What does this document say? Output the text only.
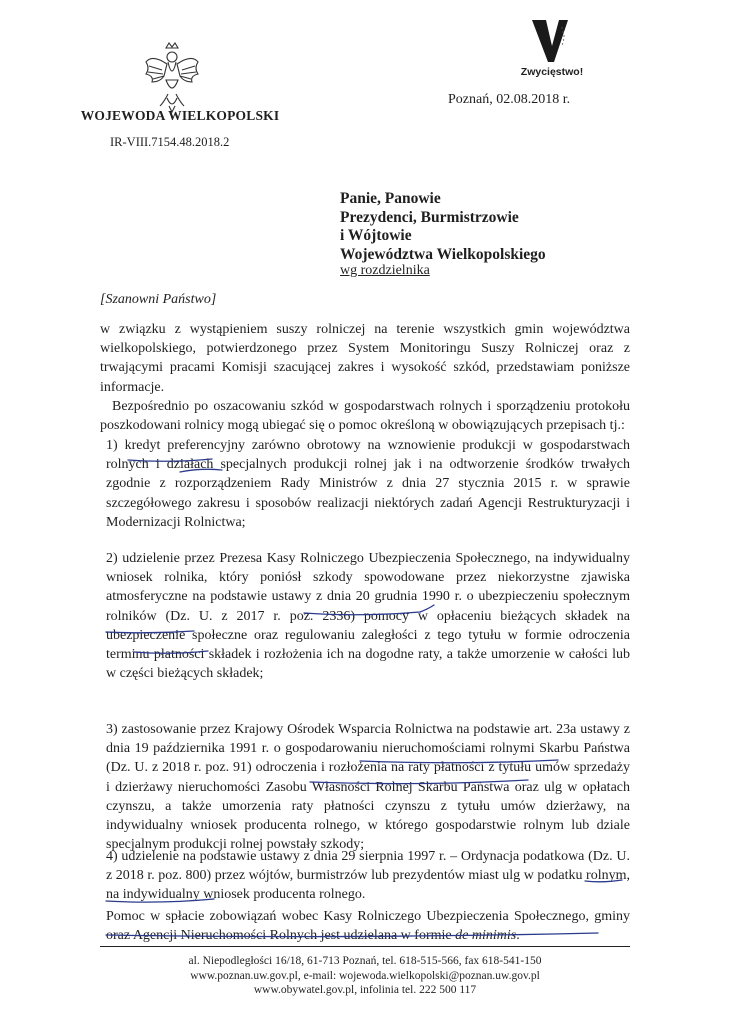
WOJEWODA WIELKOPOLSKI
IR-VIII.7154.48.2018.2
Zwycięstwo!
Poznań, 02.08.2018 r.
Panie, Panowie
Prezydenci, Burmistrzowie
i Wójtowie
Województwa Wielkopolskiego
wg rozdzielnika
[Szanowni Państwo]

w związku z wystąpieniem suszy rolniczej na terenie wszystkich gmin województwa wielkopolskiego, potwierdzonego przez System Monitoringu Suszy Rolniczej oraz z trwającymi pracami Komisji szacującej zakres i wysokość szkód, przedstawiam poniższe informacje.

Bezpośrednio po oszacowaniu szkód w gospodarstwach rolnych i sporządzeniu protokołu poszkodowani rolnicy mogą ubiegać się o pomoc określoną w obowiązujących przepisach tj.:

1) kredyt preferencyjny zarówno obrotowy na wznowienie produkcji w gospodarstwach rolnych i działach specjalnych produkcji rolnej jak i na odtworzenie środków trwałych zgodnie z rozporządzeniem Rady Ministrów z dnia 27 stycznia 2015 r. w sprawie szczegółowego zakresu i sposobów realizacji niektórych zadań Agencji Restrukturyzacji i Modernizacji Rolnictwa;

2) udzielenie przez Prezesa Kasy Rolniczego Ubezpieczenia Społecznego, na indywidualny wniosek rolnika, który poniósł szkody spowodowane przez niekorzystne zjawiska atmosferyczne na podstawie ustawy z dnia 20 grudnia 1990 r. o ubezpieczeniu społecznym rolników (Dz. U. z 2017 r. poz. 2336) pomocy w opłaceniu bieżących składek na ubezpieczenie społeczne oraz regulowaniu zaległości z tego tytułu w formie odroczenia terminu płatności składek i rozłożenia ich na dogodne raty, a także umorzenie w całości lub w części bieżących składek;

3) zastosowanie przez Krajowy Ośrodek Wsparcia Rolnictwa na podstawie art. 23a ustawy z dnia 19 października 1991 r. o gospodarowaniu nieruchomościami rolnymi Skarbu Państwa (Dz. U. z 2018 r. poz. 91) odroczenia i rozłożenia na raty płatności z tytułu umów sprzedaży i dzierżawy nieruchomości Zasobu Własności Rolnej Skarbu Państwa oraz ulg w opłatach czynszu, a także umorzenia raty płatności czynszu z tytułu umów dzierżawy, na indywidualny wniosek producenta rolnego, w którego gospodarstwie rolnym lub dziale specjalnym produkcji rolnej powstały szkody;

4) udzielenie na podstawie ustawy z dnia 29 sierpnia 1997 r. – Ordynacja podatkowa (Dz. U. z 2018 r. poz. 800) przez wójtów, burmistrzów lub prezydentów miast ulg w podatku rolnym, na indywidualny wniosek producenta rolnego.

Pomoc w spłacie zobowiązań wobec Kasy Rolniczego Ubezpieczenia Społecznego, gminy oraz Agencji Nieruchomości Rolnych jest udzielana w formie de minimis.

al. Niepodległości 16/18, 61-713 Poznań, tel. 618-515-566, fax 618-541-150
www.poznan.uw.gov.pl, e-mail: wojewoda.wielkopolski@poznan.uw.gov.pl
www.obywatel.gov.pl, infolinia tel. 222 500 117
